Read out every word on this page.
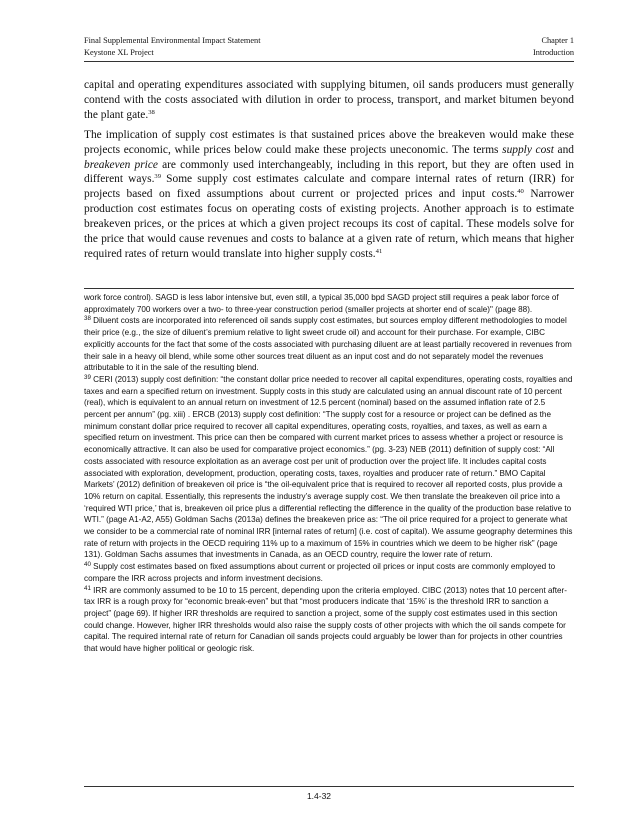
Final Supplemental Environmental Impact Statement
Keystone XL Project
Chapter 1
Introduction

capital and operating expenditures associated with supplying bitumen, oil sands producers must generally contend with the costs associated with dilution in order to process, transport, and market bitumen beyond the plant gate.$^{38}$

The implication of supply cost estimates is that sustained prices above the breakeven would make these projects economic, while prices below could make these projects uneconomic. The terms supply cost and breakeven price are commonly used interchangeably, including in this report, but they are often used in different ways.$^{39}$ Some supply cost estimates calculate and compare internal rates of return (IRR) for projects based on fixed assumptions about current or projected prices and input costs.$^{40}$ Narrower production cost estimates focus on operating costs of existing projects. Another approach is to estimate breakeven prices, or the prices at which a given project recoups its cost of capital. These models solve for the price that would cause revenues and costs to balance at a given rate of return, which means that higher required rates of return would translate into higher supply costs.$^{41}$

work force control). SAGD is less labor intensive but, even still, a typical 35,000 bpd SAGD project still requires a peak labor force of approximately 700 workers over a two- to three-year construction period (smaller projects at shorter end of scale)" (page 88).

$^{38}$ Diluent costs are incorporated into referenced oil sands supply cost estimates, but sources employ different methodologies to model their price (e.g., the size of diluent’s premium relative to light sweet crude oil) and account for their purchase. For example, CIBC explicitly accounts for the fact that some of the costs associated with purchasing diluent are at least partially recovered in revenues from their sale in a heavy oil blend, while some other sources treat diluent as an input cost and do not separately model the revenues attributable to it in the sale of the resulting blend.

$^{39}$ CERI (2013) supply cost definition: “the constant dollar price needed to recover all capital expenditures, operating costs, royalties and taxes and earn a specified return on investment. Supply costs in this study are calculated using an annual discount rate of 10 percent (real), which is equivalent to an annual return on investment of 12.5 percent (nominal) based on the assumed inflation rate of 2.5 percent per annum” (pg. xiii) . ERCB (2013) supply cost definition: “The supply cost for a resource or project can be defined as the minimum constant dollar price required to recover all capital expenditures, operating costs, royalties, and taxes, as well as earn a specified return on investment. This price can then be compared with current market prices to assess whether a project or resource is economically attractive. It can also be used for comparative project economics.” (pg. 3-23) NEB (2011) definition of supply cost: “All costs associated with resource exploitation as an average cost per unit of production over the project life. It includes capital costs associated with exploration, development, production, operating costs, taxes, royalties and producer rate of return.” BMO Capital Markets’ (2012) definition of breakeven oil price is “the oil-equivalent price that is required to recover all reported costs, plus provide a 10% return on capital. Essentially, this represents the industry’s average supply cost. We then translate the breakeven oil price into a ‘required WTI price,’ that is, breakeven oil price plus a differential reflecting the difference in the quality of the production base relative to WTI.” (page A1-A2, A55) Goldman Sachs (2013a) defines the breakeven price as: “The oil price required for a project to generate what we consider to be a commercial rate of nominal IRR [internal rates of return] (i.e. cost of capital). We assume geography determines this rate of return with projects in the OECD requiring 11% up to a maximum of 15% in countries which we deem to be higher risk” (page 131). Goldman Sachs assumes that investments in Canada, as an OECD country, require the lower rate of return.

$^{40}$ Supply cost estimates based on fixed assumptions about current or projected oil prices or input costs are commonly employed to compare the IRR across projects and inform investment decisions.

$^{41}$ IRR are commonly assumed to be 10 to 15 percent, depending upon the criteria employed. CIBC (2013) notes that 10 percent after-tax IRR is a rough proxy for “economic break-even” but that “most producers indicate that ‘15%’ is the threshold IRR to sanction a project” (page 69). If higher IRR thresholds are required to sanction a project, some of the supply cost estimates used in this section could change. However, higher IRR thresholds would also raise the supply costs of other projects with which the oil sands compete for capital. The required internal rate of return for Canadian oil sands projects could arguably be lower than for projects in other countries that would have higher political or geologic risk.

1.4-32
